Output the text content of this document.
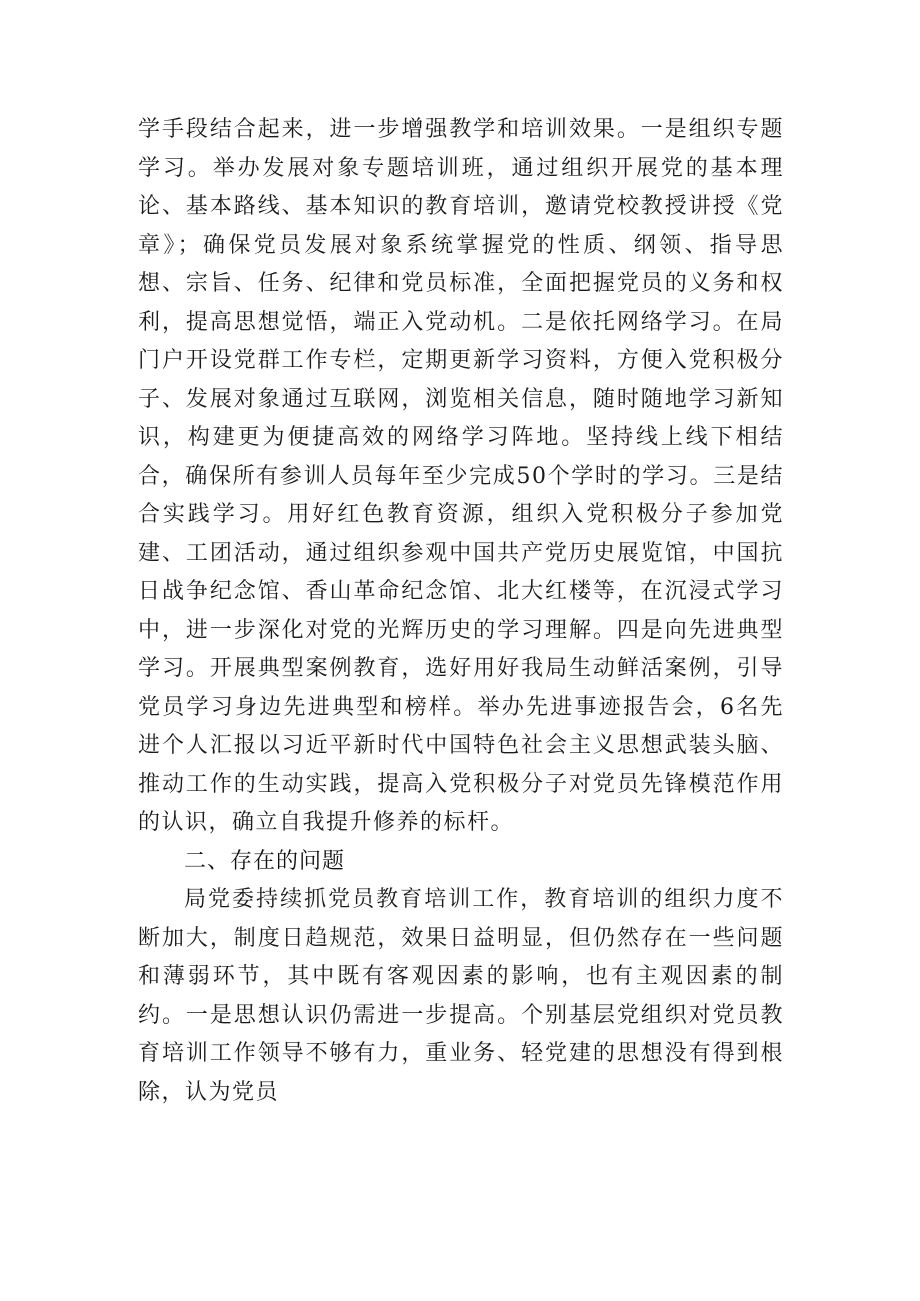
学手段结合起来，进一步增强教学和培训效果。一是组织专题学习。举办发展对象专题培训班，通过组织开展党的基本理论、基本路线、基本知识的教育培训，邀请党校教授讲授《党章》；确保党员发展对象系统掌握党的性质、纲领、指导思想、宗旨、任务、纪律和党员标准，全面把握党员的义务和权利，提高思想觉悟，端正入党动机。二是依托网络学习。在局门户开设党群工作专栏，定期更新学习资料，方便入党积极分子、发展对象通过互联网，浏览相关信息，随时随地学习新知识，构建更为便捷高效的网络学习阵地。坚持线上线下相结合，确保所有参训人员每年至少完成50个学时的学习。三是结合实践学习。用好红色教育资源，组织入党积极分子参加党建、工团活动，通过组织参观中国共产党历史展览馆，中国抗日战争纪念馆、香山革命纪念馆、北大红楼等，在沉浸式学习中，进一步深化对党的光辉历史的学习理解。四是向先进典型学习。开展典型案例教育，选好用好我局生动鲜活案例，引导党员学习身边先进典型和榜样。举办先进事迹报告会，6名先进个人汇报以习近平新时代中国特色社会主义思想武装头脑、推动工作的生动实践，提高入党积极分子对党员先锋模范作用的认识，确立自我提升修养的标杆。

二、存在的问题

局党委持续抓党员教育培训工作，教育培训的组织力度不断加大，制度日趋规范，效果日益明显，但仍然存在一些问题和薄弱环节，其中既有客观因素的影响，也有主观因素的制约。一是思想认识仍需进一步提高。个别基层党组织对党员教育培训工作领导不够有力，重业务、轻党建的思想没有得到根除，认为党员
